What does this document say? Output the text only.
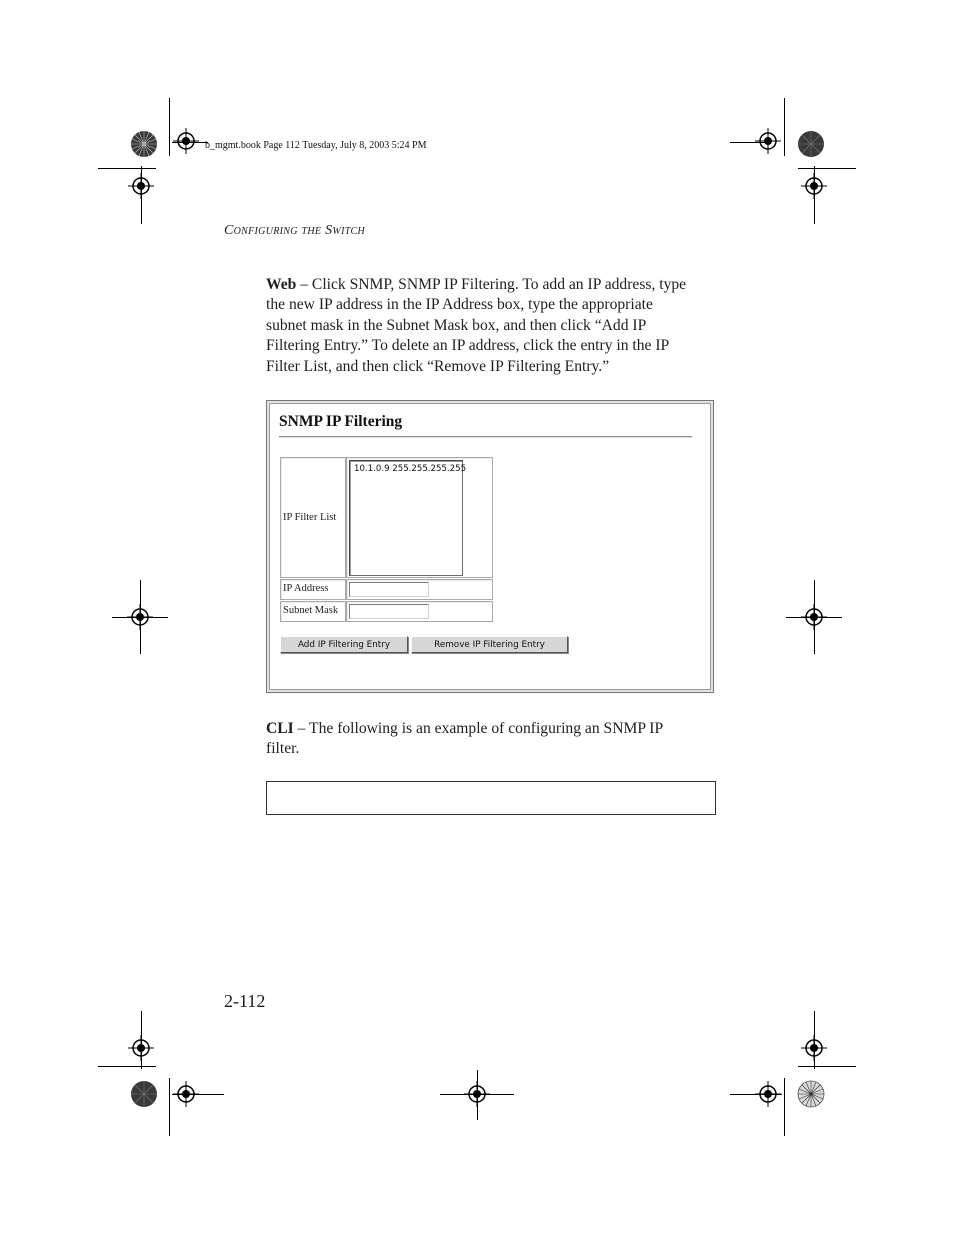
b_mgmt.book Page 112 Tuesday, July 8, 2003 5:24 PM
Configuring the Switch
Web – Click SNMP, SNMP IP Filtering. To add an IP address, type
the new IP address in the IP Address box, type the appropriate
subnet mask in the Subnet Mask box, and then click “Add IP
Filtering Entry.” To delete an IP address, click the entry in the IP
Filter List, and then click “Remove IP Filtering Entry.”
SNMP IP Filtering
IP Filter List
10.1.0.9 255.255.255.255
IP Address
Subnet Mask
Add IP Filtering Entry	Remove IP Filtering Entry
CLI – The following is an example of configuring an SNMP IP
filter.
2-112
